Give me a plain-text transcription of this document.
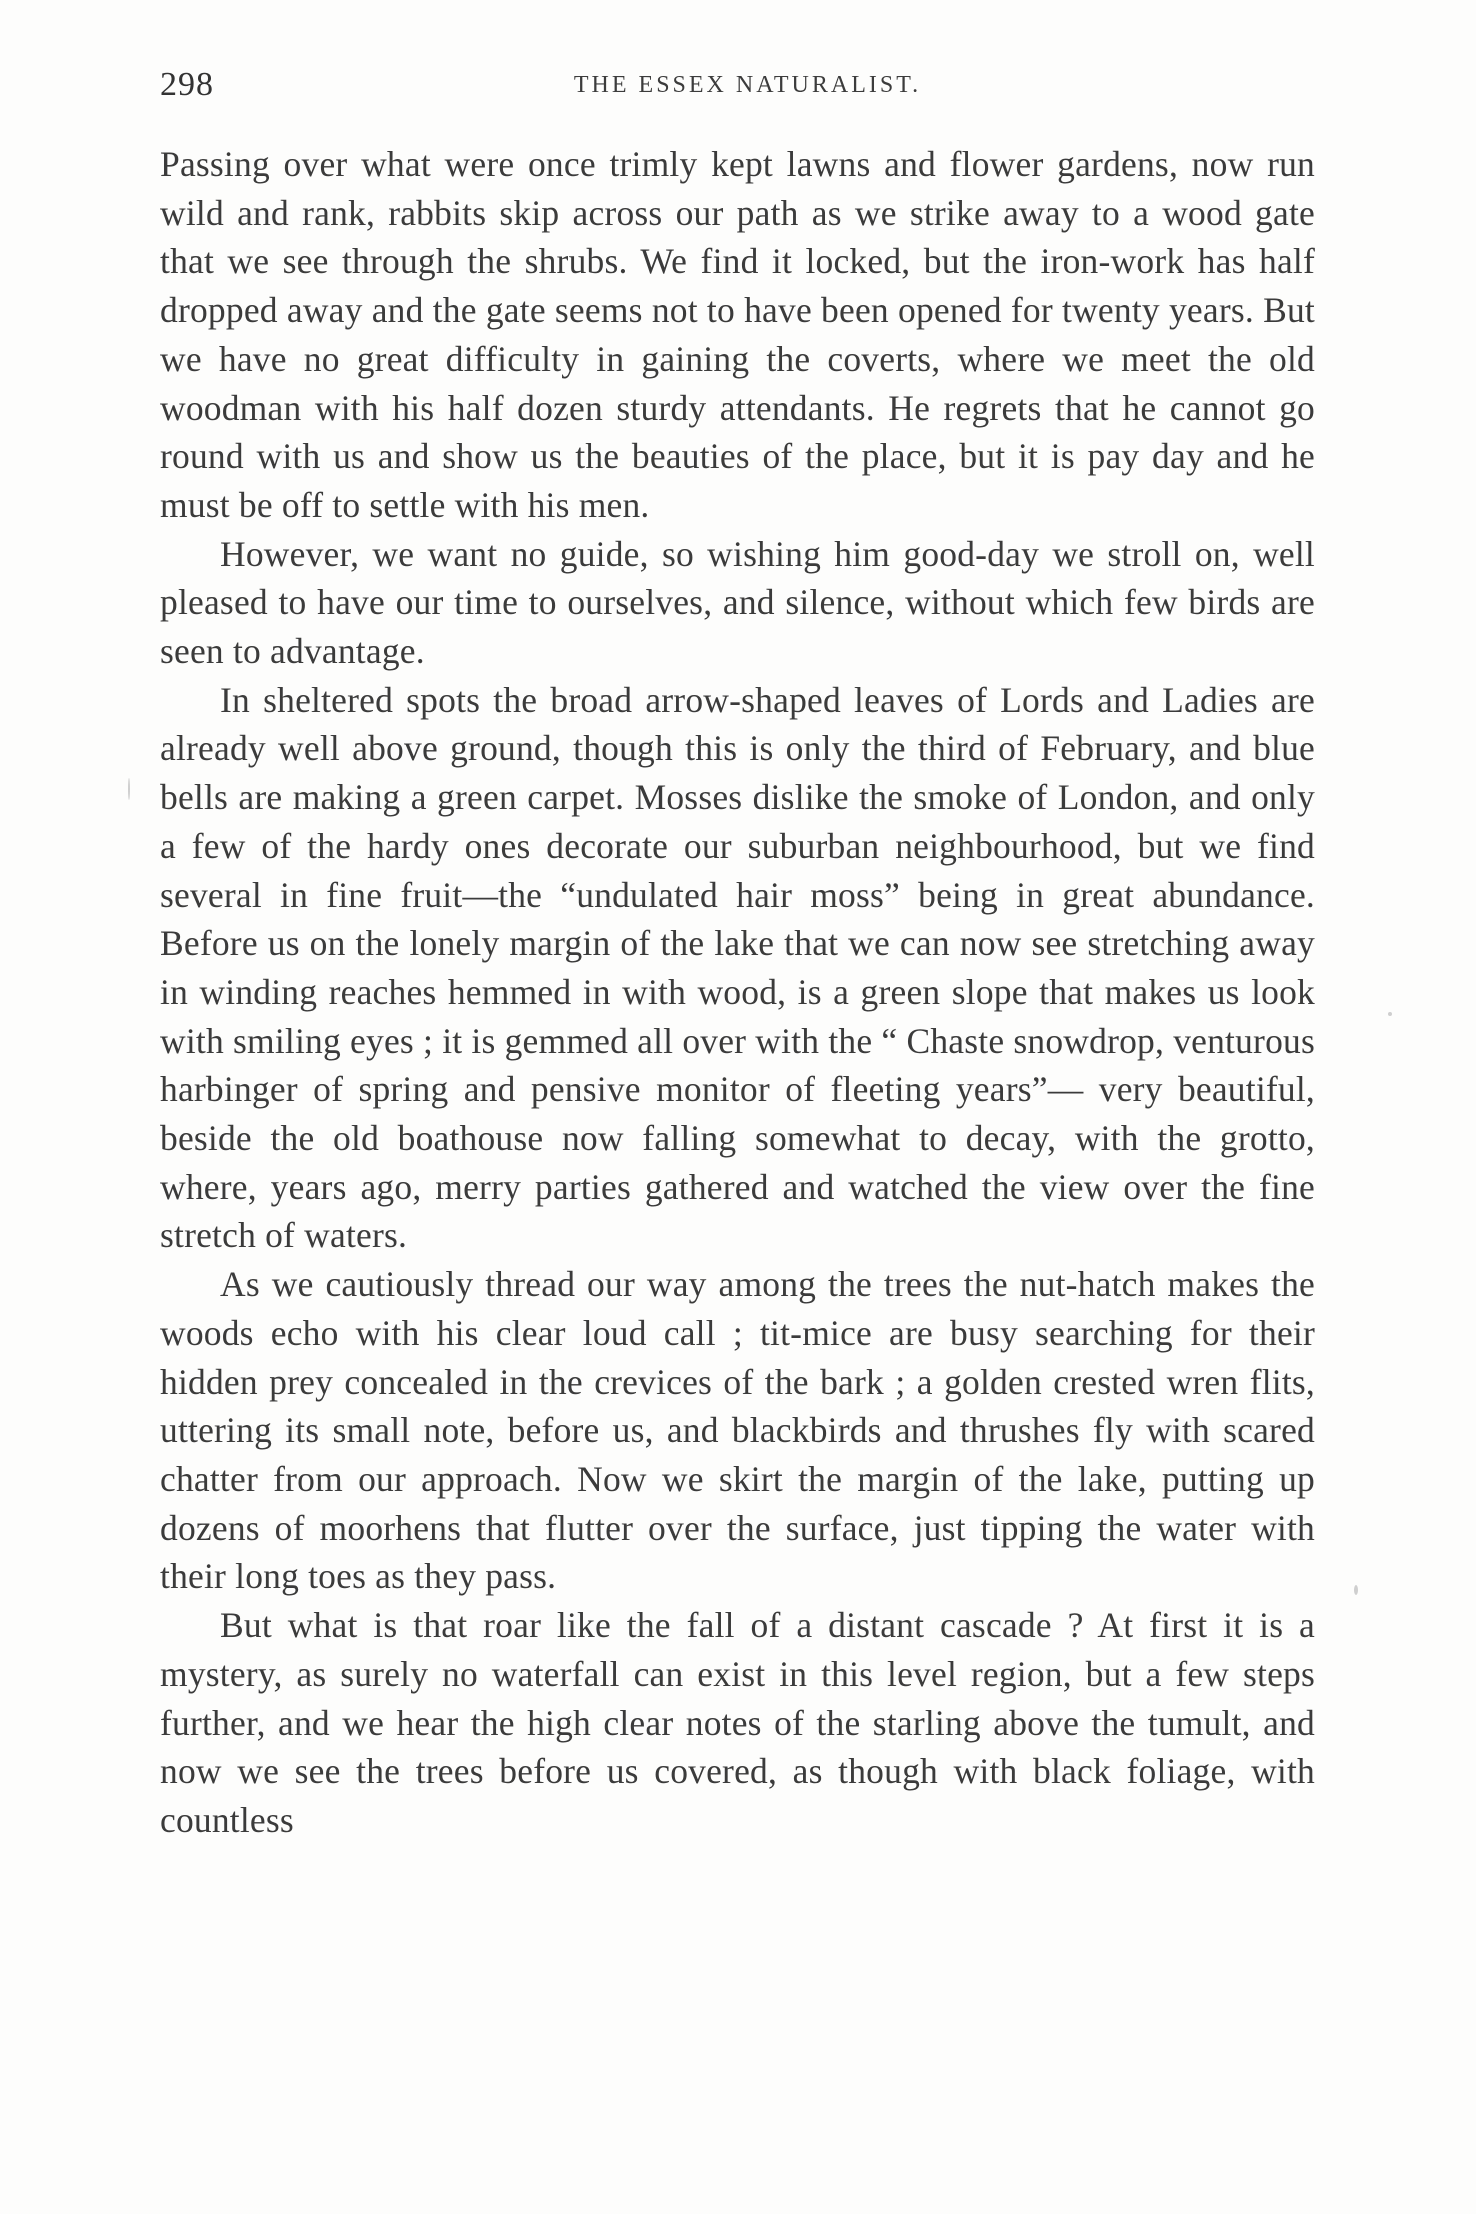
298	THE ESSEX NATURALIST.

Passing over what were once trimly kept lawns and flower gardens, now run wild and rank, rabbits skip across our path as we strike away to a wood gate that we see through the shrubs. We find it locked, but the iron-work has half dropped away and the gate seems not to have been opened for twenty years. But we have no great difficulty in gaining the coverts, where we meet the old woodman with his half dozen sturdy attendants. He regrets that he cannot go round with us and show us the beauties of the place, but it is pay day and he must be off to settle with his men.

However, we want no guide, so wishing him good-day we stroll on, well pleased to have our time to ourselves, and silence, without which few birds are seen to advantage.

In sheltered spots the broad arrow-shaped leaves of Lords and Ladies are already well above ground, though this is only the third of February, and blue bells are making a green carpet. Mosses dislike the smoke of London, and only a few of the hardy ones decorate our suburban neighbourhood, but we find several in fine fruit—the “undulated hair moss” being in great abundance. Before us on the lonely margin of the lake that we can now see stretching away in winding reaches hemmed in with wood, is a green slope that makes us look with smiling eyes ; it is gemmed all over with the “ Chaste snowdrop, venturous harbinger of spring and pensive monitor of fleeting years”— very beautiful, beside the old boathouse now falling somewhat to decay, with the grotto, where, years ago, merry parties gathered and watched the view over the fine stretch of waters.

As we cautiously thread our way among the trees the nut-hatch makes the woods echo with his clear loud call ; tit-mice are busy searching for their hidden prey concealed in the crevices of the bark ; a golden crested wren flits, uttering its small note, before us, and blackbirds and thrushes fly with scared chatter from our approach. Now we skirt the margin of the lake, putting up dozens of moorhens that flutter over the surface, just tipping the water with their long toes as they pass.

But what is that roar like the fall of a distant cascade ? At first it is a mystery, as surely no waterfall can exist in this level region, but a few steps further, and we hear the high clear notes of the starling above the tumult, and now we see the trees before us covered, as though with black foliage, with countless
